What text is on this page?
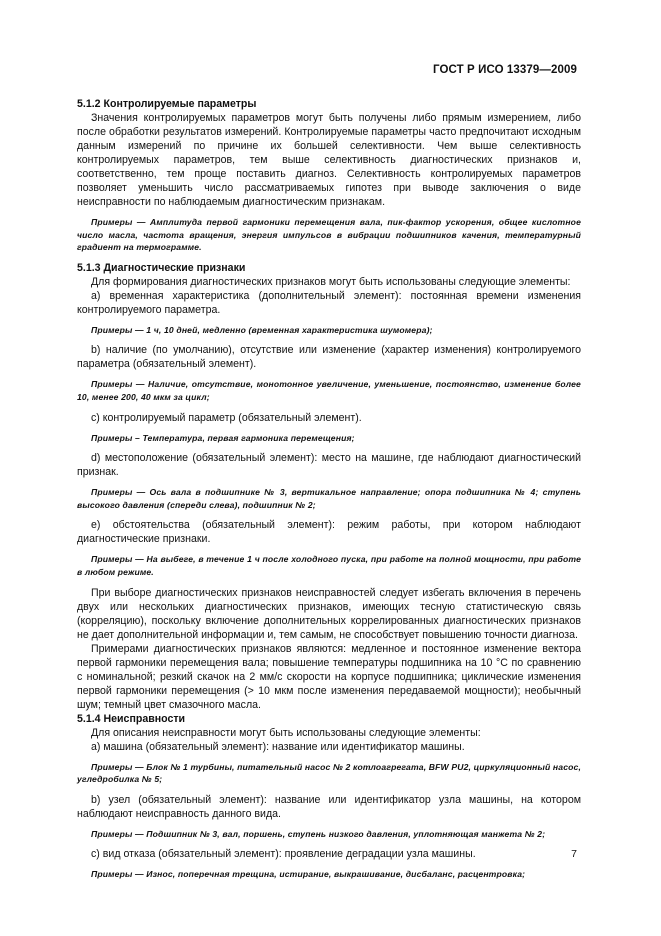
ГОСТ Р ИСО 13379—2009

5.1.2 Контролируемые параметры

Значения контролируемых параметров могут быть получены либо прямым измерением, либо после обработки результатов измерений. Контролируемые параметры часто предпочитают исходным данным измерений по причине их большей селективности. Чем выше селективность контролируемых параметров, тем выше селективность диагностических признаков и, соответственно, тем проще поставить диагноз. Селективность контролируемых параметров позволяет уменьшить число рассматриваемых гипотез при выводе заключения о виде неисправности по наблюдаемым диагностическим признакам.

Примеры — Амплитуда первой гармоники перемещения вала, пик-фактор ускорения, общее кислотное число масла, частота вращения, энергия импульсов в вибрации подшипников качения, температурный градиент на термограмме.

5.1.3 Диагностические признаки

Для формирования диагностических признаков могут быть использованы следующие элементы:

а) временная характеристика (дополнительный элемент): постоянная времени изменения контролируемого параметра.

Примеры — 1 ч, 10 дней, медленно (временная характеристика шумомера);

b) наличие (по умолчанию), отсутствие или изменение (характер изменения) контролируемого параметра (обязательный элемент).

Примеры — Наличие, отсутствие, монотонное увеличение, уменьшение, постоянство, изменение более 10, менее 200, 40 мкм за цикл;

c) контролируемый параметр (обязательный элемент).

Примеры – Температура, первая гармоника перемещения;

d) местоположение (обязательный элемент): место на машине, где наблюдают диагностический признак.

Примеры — Ось вала в подшипнике № 3, вертикальное направление; опора подшипника № 4; ступень высокого давления (спереди слева), подшипник № 2;

e) обстоятельства (обязательный элемент): режим работы, при котором наблюдают диагностические признаки.

Примеры — На выбеге, в течение 1 ч после холодного пуска, при работе на полной мощности, при работе в любом режиме.

При выборе диагностических признаков неисправностей следует избегать включения в перечень двух или нескольких диагностических признаков, имеющих тесную статистическую связь (корреляцию), поскольку включение дополнительных коррелированных диагностических признаков не дает дополнительной информации и, тем самым, не способствует повышению точности диагноза.

Примерами диагностических признаков являются: медленное и постоянное изменение вектора первой гармоники перемещения вала; повышение температуры подшипника на 10 °С по сравнению с номинальной; резкий скачок на 2 мм/с скорости на корпусе подшипника; циклические изменения первой гармоники перемещения (> 10 мкм после изменения передаваемой мощности); необычный шум; темный цвет смазочного масла.

5.1.4 Неисправности

Для описания неисправности могут быть использованы следующие элементы:

а) машина (обязательный элемент): название или идентификатор машины.

Примеры — Блок № 1 турбины, питательный насос № 2 котлоагрегата, BFW PU2, циркуляционный насос, угледробилка № 5;

b) узел (обязательный элемент): название или идентификатор узла машины, на котором наблюдают неисправность данного вида.

Примеры — Подшипник № 3, вал, поршень, ступень низкого давления, уплотняющая манжета № 2;

c) вид отказа (обязательный элемент): проявление деградации узла машины.

Примеры — Износ, поперечная трещина, истирание, выкрашивание, дисбаланс, расцентровка;

7
